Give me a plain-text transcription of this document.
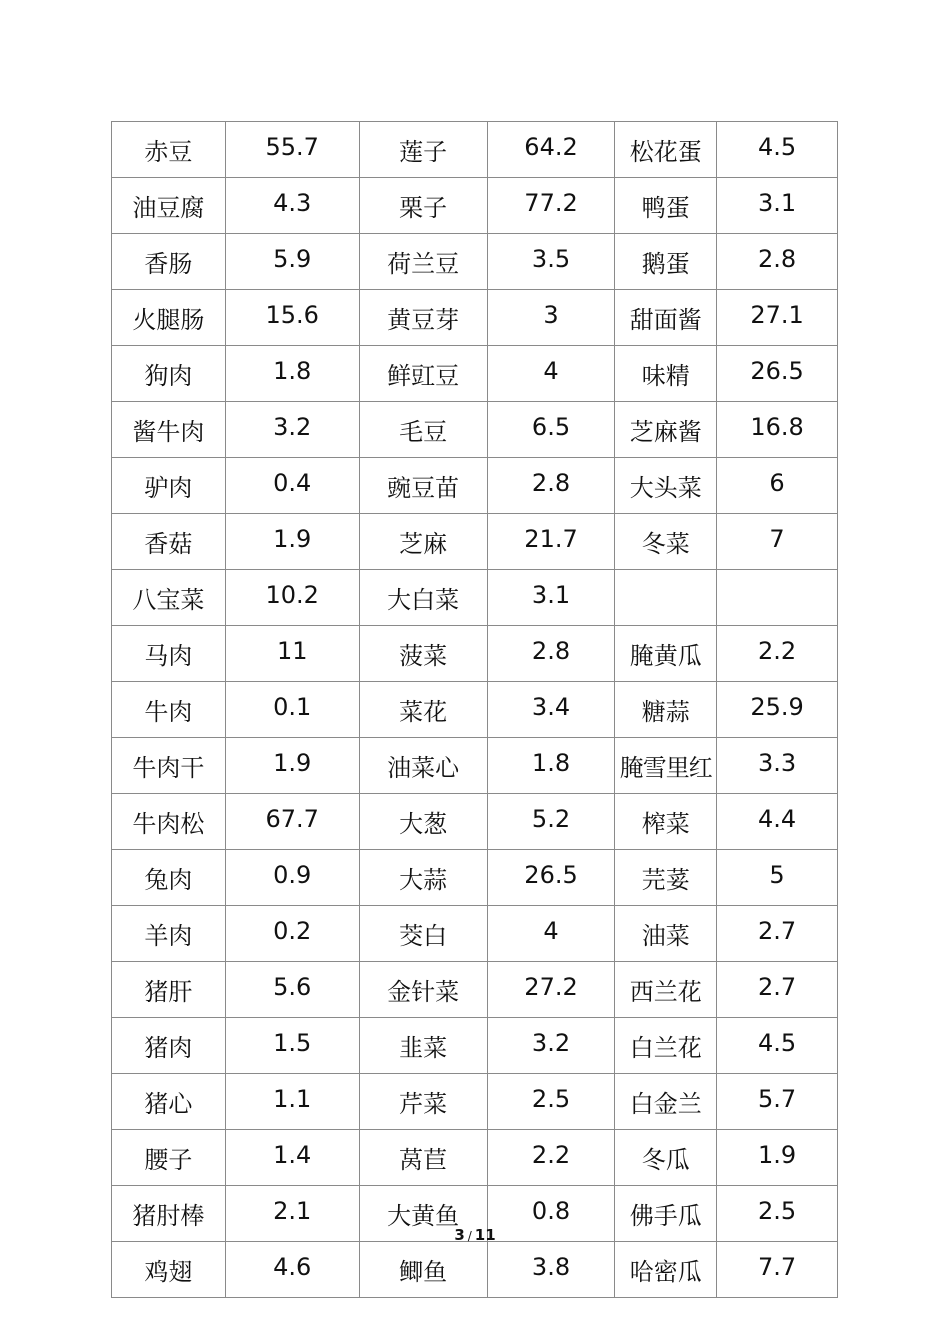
赤豆	55.7	莲子	64.2	松花蛋	4.5
油豆腐	4.3	栗子	77.2	鸭蛋	3.1
香肠	5.9	荷兰豆	3.5	鹅蛋	2.8
火腿肠	15.6	黄豆芽	3	甜面酱	27.1
狗肉	1.8	鲜豇豆	4	味精	26.5
酱牛肉	3.2	毛豆	6.5	芝麻酱	16.8
驴肉	0.4	豌豆苗	2.8	大头菜	6
香菇	1.9	芝麻	21.7	冬菜	7
八宝菜	10.2	大白菜	3.1		
马肉	11	菠菜	2.8	腌黄瓜	2.2
牛肉	0.1	菜花	3.4	糖蒜	25.9
牛肉干	1.9	油菜心	1.8	腌雪里红	3.3
牛肉松	67.7	大葱	5.2	榨菜	4.4
兔肉	0.9	大蒜	26.5	芫荽	5
羊肉	0.2	茭白	4	油菜	2.7
猪肝	5.6	金针菜	27.2	西兰花	2.7
猪肉	1.5	韭菜	3.2	白兰花	4.5
猪心	1.1	芹菜	2.5	白金兰	5.7
腰子	1.4	莴苣	2.2	冬瓜	1.9
猪肘棒	2.1	大黄鱼	0.8	佛手瓜	2.5
鸡翅	4.6	鲫鱼	3.8	哈密瓜	7.7
3 / 11
